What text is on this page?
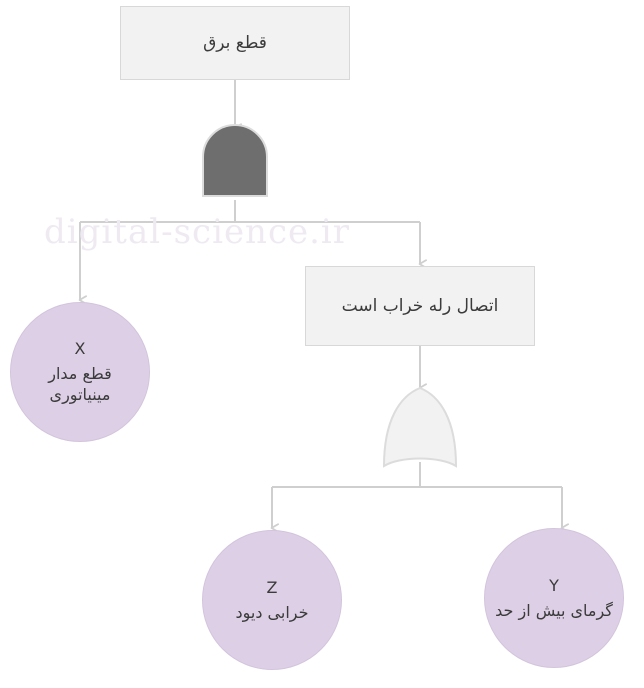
digital-science.ir
قطع برق
اتصال رله خراب است
X
قطع مدار مینیاتوری
Z
خرابی دیود
Y
گرمای بیش از حد
